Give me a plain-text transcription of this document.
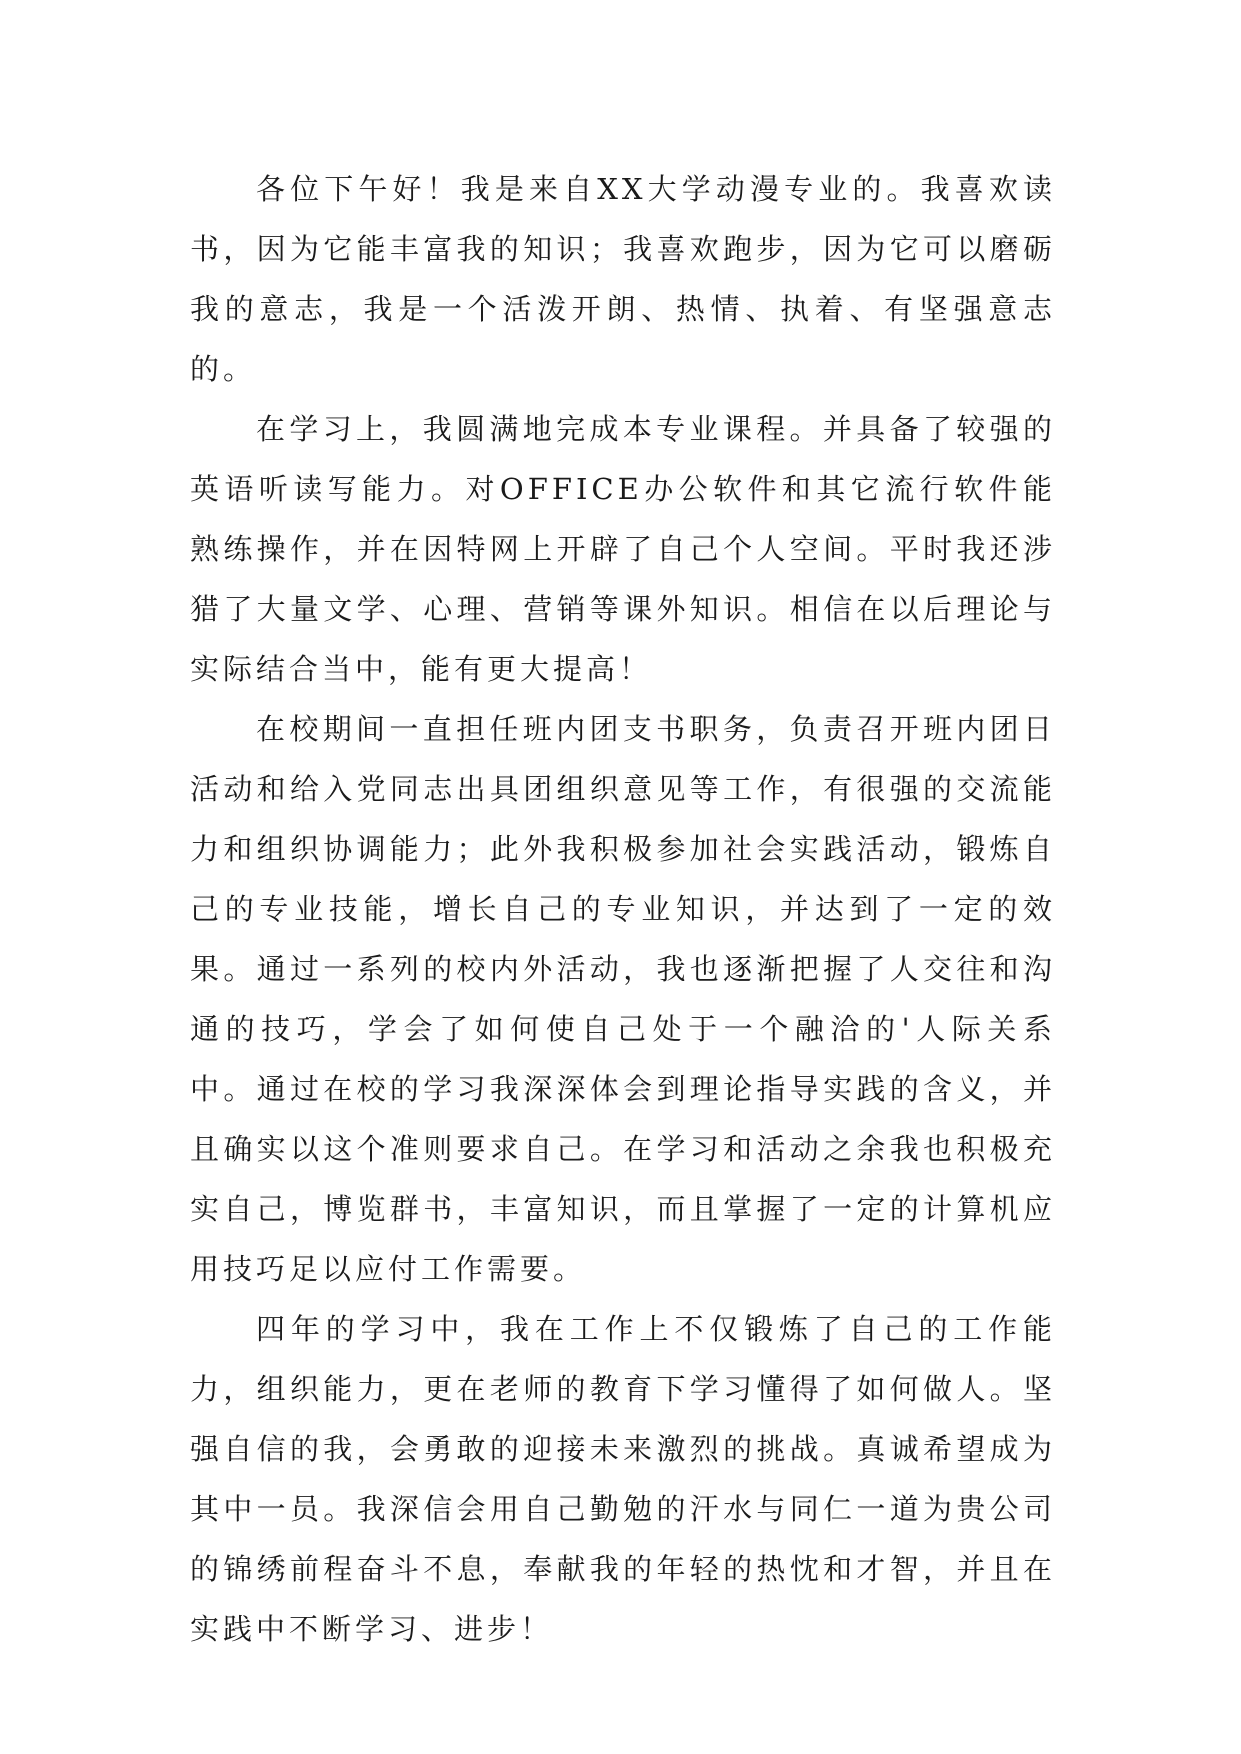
各位下午好！我是来自XX大学动漫专业的。我喜欢读书，因为它能丰富我的知识；我喜欢跑步，因为它可以磨砺我的意志，我是一个活泼开朗、热情、执着、有坚强意志的。

在学习上，我圆满地完成本专业课程。并具备了较强的英语听读写能力。对OFFICE办公软件和其它流行软件能熟练操作，并在因特网上开辟了自己个人空间。平时我还涉猎了大量文学、心理、营销等课外知识。相信在以后理论与实际结合当中，能有更大提高！

在校期间一直担任班内团支书职务，负责召开班内团日活动和给入党同志出具团组织意见等工作，有很强的交流能力和组织协调能力；此外我积极参加社会实践活动，锻炼自己的专业技能，增长自己的专业知识，并达到了一定的效果。通过一系列的校内外活动，我也逐渐把握了人交往和沟通的技巧，学会了如何使自己处于一个融洽的'人际关系中。通过在校的学习我深深体会到理论指导实践的含义，并且确实以这个准则要求自己。在学习和活动之余我也积极充实自己，博览群书，丰富知识，而且掌握了一定的计算机应用技巧足以应付工作需要。

四年的学习中，我在工作上不仅锻炼了自己的工作能力，组织能力，更在老师的教育下学习懂得了如何做人。坚强自信的我，会勇敢的迎接未来激烈的挑战。真诚希望成为其中一员。我深信会用自己勤勉的汗水与同仁一道为贵公司的锦绣前程奋斗不息，奉献我的年轻的热忱和才智，并且在实践中不断学习、进步！
